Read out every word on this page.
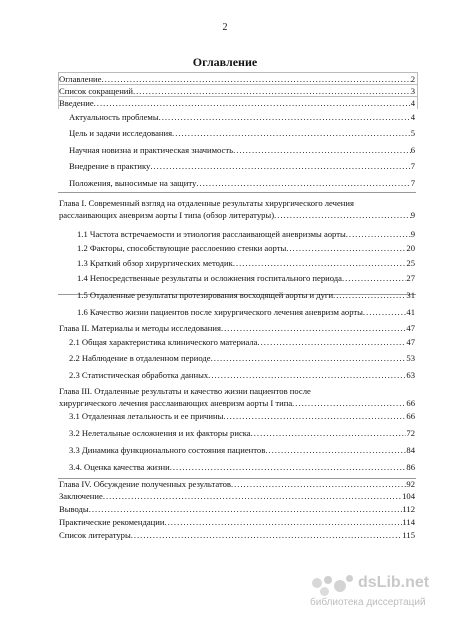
2
Оглавление
Оглавление .....	2
Список сокращений .....	3
Введение .....	4
Актуальность проблемы .....	4
Цель и задачи исследования .....	5
Научная новизна и практическая значимость .....	6
Внедрение в практику .....	7
Положения, выносимые на защиту .....	7
Глава I. Современный взгляд на отдаленные результаты хирургического лечения
расслаивающих аневризм аорты I типа (обзор литературы) .....	9
1.1 Частота встречаемости и этиология расслаивающей аневризмы аорты .....	9
1.2 Факторы, способствующие расслоению стенки аорты .....	20
1.3 Краткий обзор хирургических методик .....	25
1.4 Непосредственные результаты и осложнения госпитального периода .....	27
1.5 Отдаленные результаты протезирования восходящей аорты и дуги .....	31
1.6 Качество жизни пациентов после хирургического лечения аневризм аорты .....	41
Глава II. Материалы и методы исследования .....	47
2.1 Общая характеристика клинического материала .....	47
2.2 Наблюдение в отдаленном периоде .....	53
2.3 Статистическая обработка данных .....	63
Глава III. Отдаленные результаты и качество жизни пациентов после
хирургического лечения расслаивающих аневризм аорты I типа .....	66
3.1 Отдаленная летальность и ее причины .....	66
3.2 Нелетальные осложнения и их факторы риска .....	72
3.3 Динамика функционального состояния пациентов .....	84
3.4. Оценка качества жизни .....	86
Глава IV. Обсуждение полученных результатов .....	92
Заключение .....	104
Выводы .....	112
Практические рекомендации .....	114
Список литературы .....	115
dsLib.net
библиотека диссертаций
